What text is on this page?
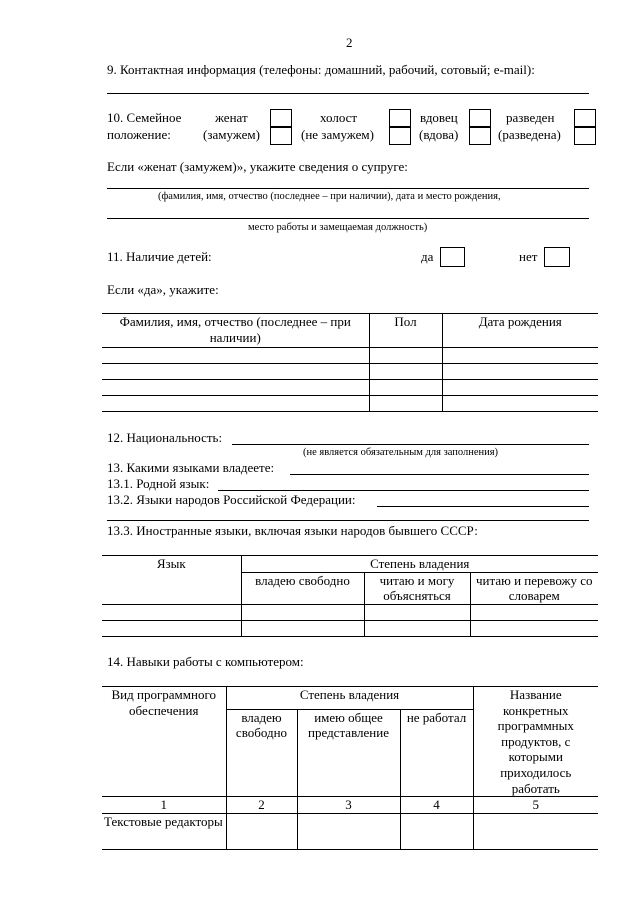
2
9. Контактная информация (телефоны: домашний, рабочий, сотовый; e-mail):
10. Семейное
положение:
женат
(замужем)
холост
(не замужем)
вдовец
(вдова)
разведен
(разведена)
Если «женат (замужем)», укажите сведения о супруге:
(фамилия, имя, отчество (последнее – при наличии), дата и место рождения,
место работы и замещаемая должность)
11. Наличие детей:	да	нет
Если «да», укажите:
Фамилия, имя, отчество (последнее – при наличии)	Пол	Дата рождения

12. Национальность:
(не является обязательным для заполнения)
13. Какими языками владеете:
13.1. Родной язык:
13.2. Языки народов Российской Федерации:
13.3. Иностранные языки, включая языки народов бывшего СССР:
Язык	Степень владения		
	владею свободно	читаю и могу объясняться	читаю и перевожу со словарем

14. Навыки работы с компьютером:
Вид программного обеспечения	Степень владения			Название конкретных программных продуктов, с которыми приходилось работать
	владею свободно	имею общее представление	не работал	
1	2	3	4	5
Текстовые редакторы				
